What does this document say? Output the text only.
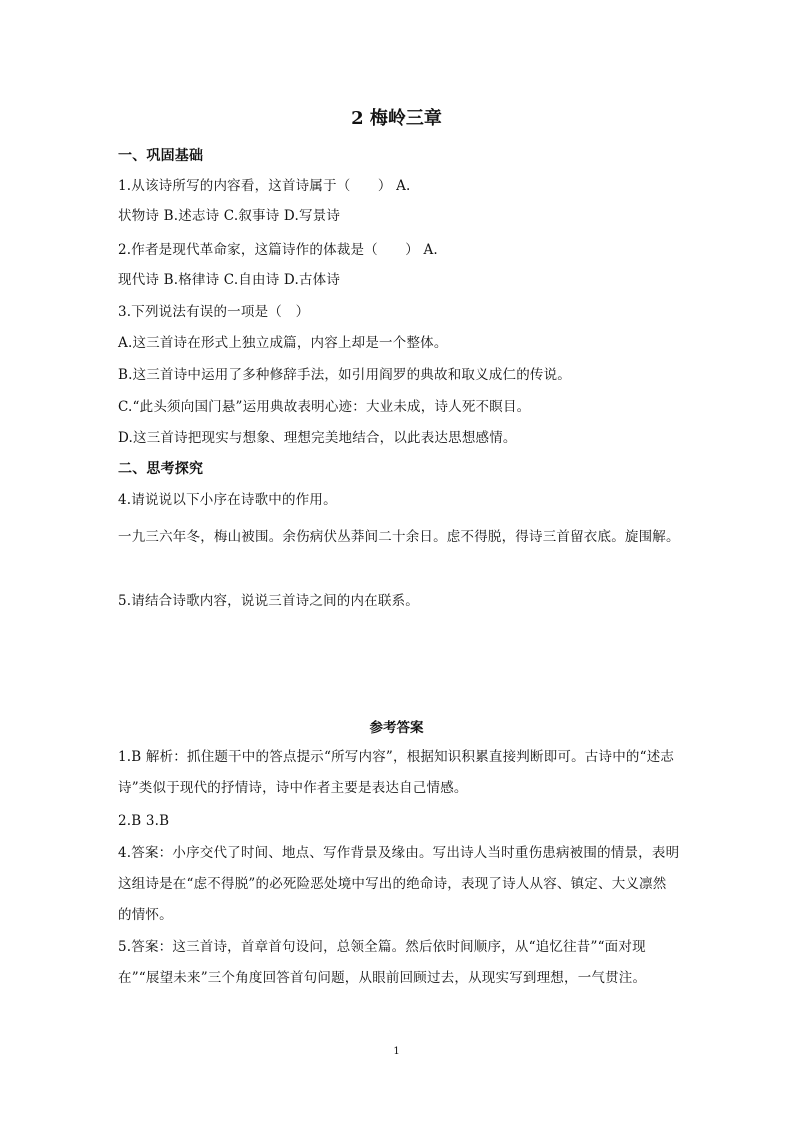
2 梅岭三章
一、巩固基础
1.从该诗所写的内容看，这首诗属于（　　） A.
状物诗 B.述志诗 C.叙事诗 D.写景诗
2.作者是现代革命家，这篇诗作的体裁是（　　） A.
现代诗 B.格律诗 C.自由诗 D.古体诗
3.下列说法有误的一项是（　）
A.这三首诗在形式上独立成篇，内容上却是一个整体。
B.这三首诗中运用了多种修辞手法，如引用阎罗的典故和取义成仁的传说。
C.“此头须向国门悬”运用典故表明心迹：大业未成，诗人死不瞑目。
D.这三首诗把现实与想象、理想完美地结合，以此表达思想感情。
二、思考探究
4.请说说以下小序在诗歌中的作用。
一九三六年冬，梅山被围。余伤病伏丛莽间二十余日。虑不得脱，得诗三首留衣底。旋围解。
5.请结合诗歌内容，说说三首诗之间的内在联系。
参考答案
1.B 解析：抓住题干中的答点提示“所写内容”，根据知识积累直接判断即可。古诗中的“述志
诗”类似于现代的抒情诗，诗中作者主要是表达自己情感。
2.B 3.B
4.答案：小序交代了时间、地点、写作背景及缘由。写出诗人当时重伤患病被围的情景，表明
这组诗是在“虑不得脱”的必死险恶处境中写出的绝命诗，表现了诗人从容、镇定、大义凛然
的情怀。
5.答案：这三首诗，首章首句设问，总领全篇。然后依时间顺序，从“追忆往昔”“面对现
在”“展望未来”三个角度回答首句问题，从眼前回顾过去，从现实写到理想，一气贯注。
1
